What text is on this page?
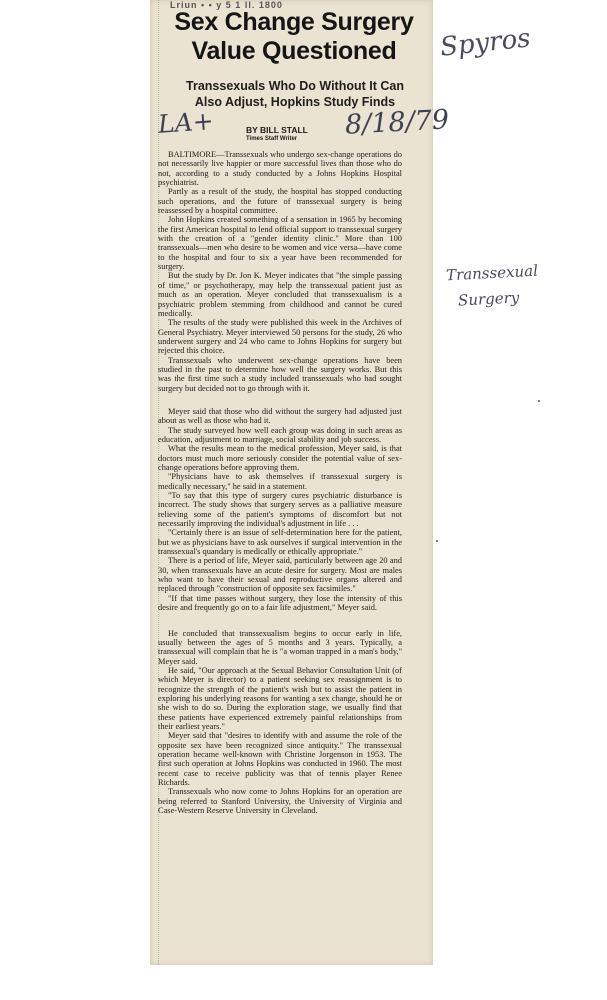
Lriun • • y 5 1 ll. 1800
Sex Change Surgery
Value Questioned
Transsexuals Who Do Without It Can
Also Adjust, Hopkins Study Finds
BY BILL STALL
Times Staff Writer

BALTIMORE—Transsexuals who undergo sex-change operations do not necessarily live happier or more successful lives than those who do not, according to a study conducted by a Johns Hopkins Hospital psychiatrist.

Partly as a result of the study, the hospital has stopped conducting such operations, and the future of transsexual surgery is being reassessed by a hospital committee.

John Hopkins created something of a sensation in 1965 by becoming the first American hospital to lend official support to transsexual surgery with the creation of a "gender identity clinic." More than 100 transsexuals—men who desire to be women and vice versa—have come to the hospital and four to six a year have been recommended for surgery.

But the study by Dr. Jon K. Meyer indicates that "the simple passing of time," or psychotherapy, may help the transsexual patient just as much as an operation. Meyer concluded that transsexualism is a psychiatric problem stemming from childhood and cannot be cured medically.

The results of the study were published this week in the Archives of General Psychiatry. Meyer interviewed 50 persons for the study, 26 who underwent surgery and 24 who came to Johns Hopkins for surgery but rejected this choice.

Transsexuals who underwent sex-change operations have been studied in the past to determine how well the surgery works. But this was the first time such a study included transsexuals who had sought surgery but decided not to go through with it.

Meyer said that those who did without the surgery had adjusted just about as well as those who had it.

The study surveyed how well each group was doing in such areas as education, adjustment to marriage, social stability and job success.

What the results mean to the medical profession, Meyer said, is that doctors must much more seriously consider the potential value of sex-change operations before approving them.

"Physicians have to ask themselves if transsexual surgery is medically necessary," he said in a statement.

"To say that this type of surgery cures psychiatric disturbance is incorrect. The study shows that surgery serves as a palliative measure relieving some of the patient's symptoms of discomfort but not necessarily improving the individual's adjustment in life . . .

"Certainly there is an issue of self-determination here for the patient, but we as physicians have to ask ourselves if surgical intervention in the transsexual's quandary is medically or ethically appropriate."

There is a period of life, Meyer said, particularly between age 20 and 30, when transsexuals have an acute desire for surgery. Most are males who want to have their sexual and reproductive organs altered and replaced through "construction of opposite sex facsimiles."

"If that time passes without surgery, they lose the intensity of this desire and frequently go on to a fair life adjustment," Meyer said.

He concluded that transsexualism begins to occur early in life, usually between the ages of 5 months and 3 years. Typically, a transsexual will complain that he is "a woman trapped in a man's body," Meyer said.

He said, "Our approach at the Sexual Behavior Consultation Unit (of which Meyer is director) to a patient seeking sex reassignment is to recognize the strength of the patient's wish but to assist the patient in exploring his underlying reasons for wanting a sex change, should he or she wish to do so. During the exploration stage, we usually find that these patients have experienced extremely painful relationships from their earliest years."

Meyer said that "desires to identify with and assume the role of the opposite sex have been recognized since antiquity." The transsexual operation became well-known with Christine Jorgenson in 1953. The first such operation at Johns Hopkins was conducted in 1960. The most recent case to receive publicity was that of tennis player Renee Richards.

Transsexuals who now come to Johns Hopkins for an operation are being referred to Stanford University, the University of Virginia and Case-Western Reserve University in Cleveland.

Spyros
LA+	8/18/79
Transsexual
Surgery
